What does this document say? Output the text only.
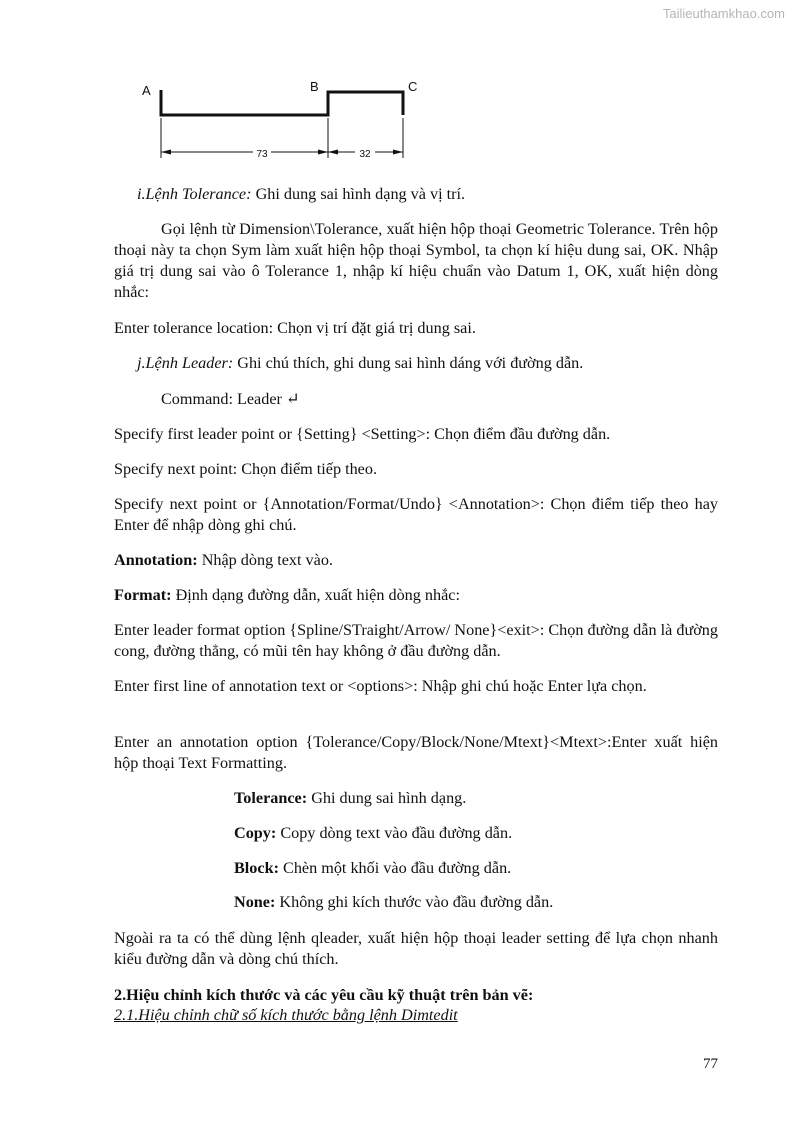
Tailieuthamkhao.com
A	B	C
73	32

i.Lệnh Tolerance: Ghi dung sai hình dạng và vị trí.

Gọi lệnh từ Dimension\Tolerance, xuất hiện hộp thoại Geometric Tolerance. Trên hộp thoại này ta chọn Sym làm xuất hiện hộp thoại Symbol, ta chọn kí hiệu dung sai, OK. Nhập giá trị dung sai vào ô Tolerance 1, nhập kí hiệu chuẩn vào Datum 1, OK, xuất hiện dòng nhắc:

Enter tolerance location: Chọn vị trí đặt giá trị dung sai.

j.Lệnh Leader: Ghi chú thích, ghi dung sai hình dáng với đường dẫn.

Command: Leader ↵

Specify first leader point or {Setting} <Setting>: Chọn điểm đầu đường dẫn.

Specify next point: Chọn điểm tiếp theo.

Specify next point or {Annotation/Format/Undo} <Annotation>: Chọn điểm tiếp theo hay Enter để nhập dòng ghi chú.

Annotation: Nhập dòng text vào.

Format: Định dạng đường dẫn, xuất hiện dòng nhắc:

Enter leader format option {Spline/STraight/Arrow/ None}<exit>: Chọn đường dẫn là đường cong, đường thẳng, có mũi tên hay không ở đầu đường dẫn.

Enter first line of annotation text or <options>: Nhập ghi chú hoặc Enter lựa chọn.

Enter an annotation option {Tolerance/Copy/Block/None/Mtext}<Mtext>:Enter xuất hiện hộp thoại Text Formatting.

Tolerance: Ghi dung sai hình dạng.

Copy: Copy dòng text vào đầu đường dẫn.

Block: Chèn một khối vào đầu đường dẫn.

None: Không ghi kích thước vào đầu đường dẫn.

Ngoài ra ta có thể dùng lệnh qleader, xuất hiện hộp thoại leader setting để lựa chọn nhanh kiểu đường dẫn và dòng chú thích.

2.Hiệu chỉnh kích thước và các yêu cầu kỹ thuật trên bản vẽ:

2.1.Hiệu chỉnh chữ số kích thước bằng lệnh Dimtedit

77
